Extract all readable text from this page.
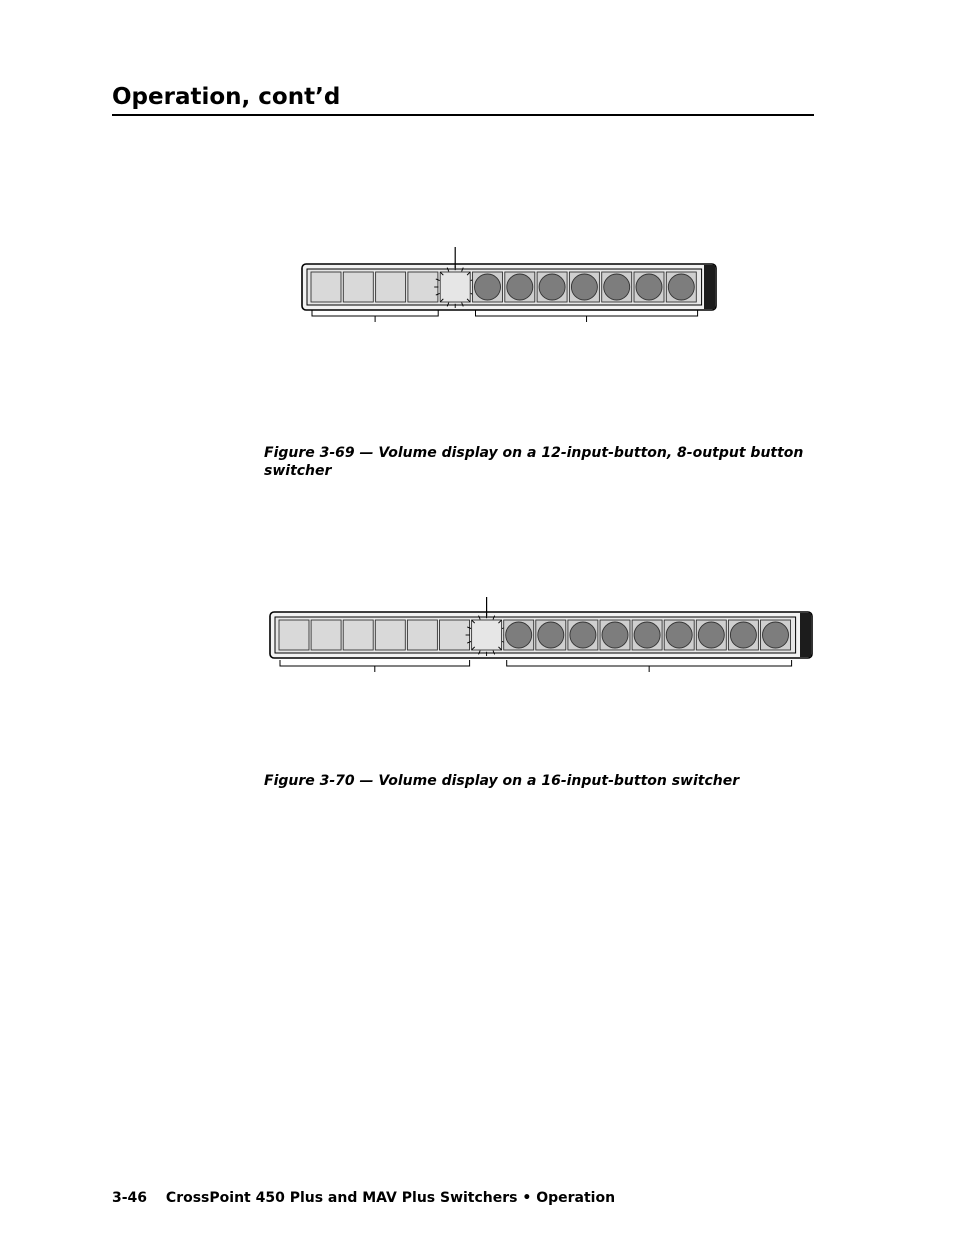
Operation, cont’d
Figure 3-69 — Volume display on a 12-input-button, 8-output button switcher
Figure 3-70 — Volume display on a 16-input-button switcher
3-46 CrossPoint 450 Plus and MAV Plus Switchers • Operation
